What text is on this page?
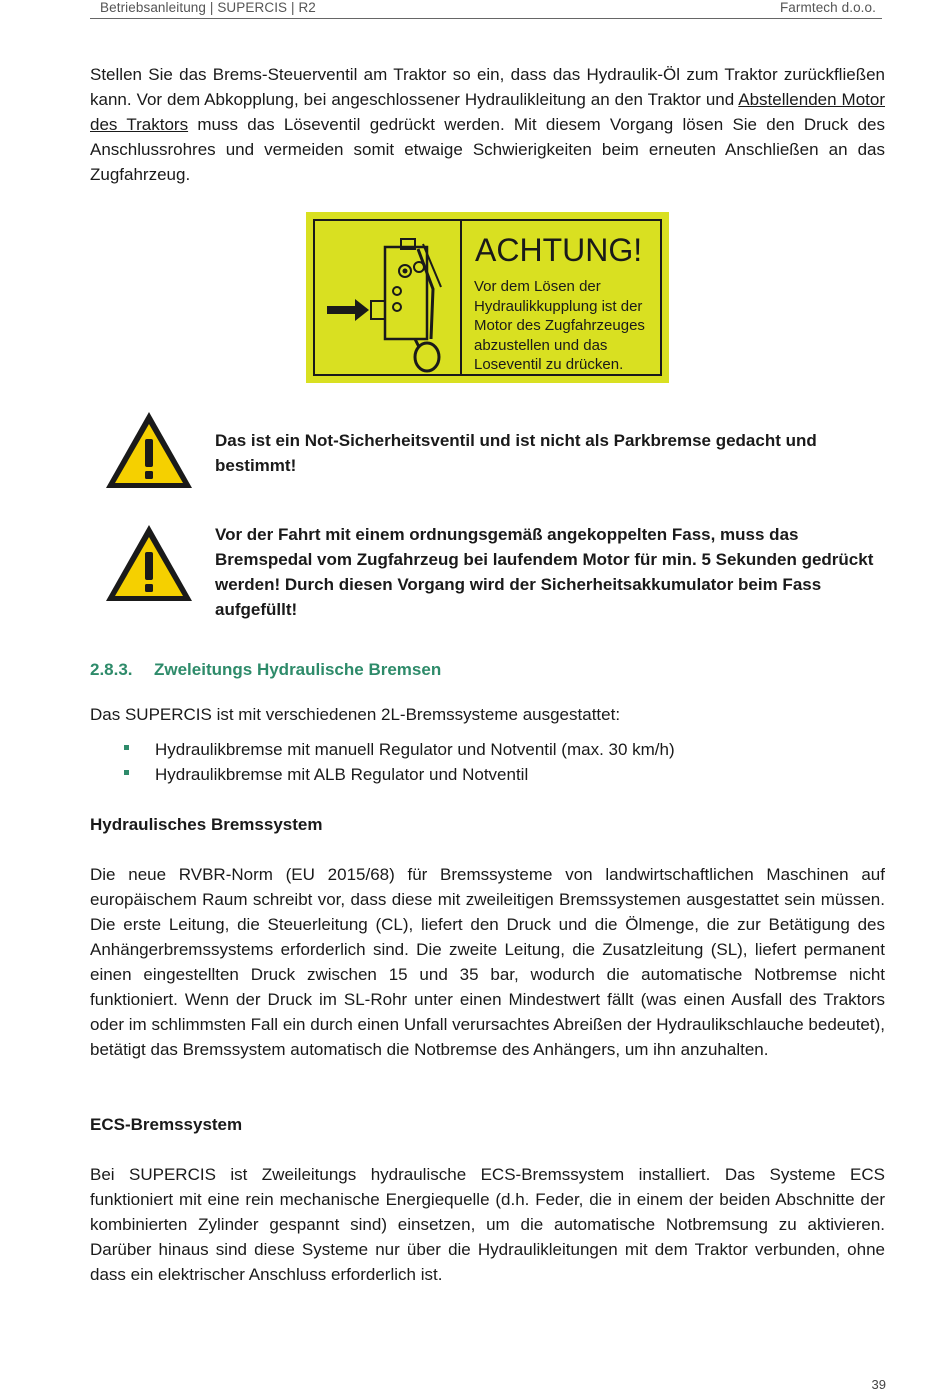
Betriebsanleitung | SUPERCIS | R2	Farmtech d.o.o.

Stellen Sie das Brems-Steuerventil am Traktor so ein, dass das Hydraulik-Öl zum Traktor zurückfließen kann. Vor dem Abkopplung, bei angeschlossener Hydraulikleitung an den Traktor und Abstellenden Motor des Traktors muss das Löseventil gedrückt werden. Mit diesem Vorgang lösen Sie den Druck des Anschlussrohres und vermeiden somit etwaige Schwierigkeiten beim erneuten Anschließen an das Zugfahrzeug.

ACHTUNG!
Vor dem Lösen der Hydraulikkupplung ist der Motor des Zugfahrzeuges abzustellen und das Loseventil zu drücken.

Das ist ein Not-Sicherheitsventil und ist nicht als Parkbremse gedacht und bestimmt!

Vor der Fahrt mit einem ordnungsgemäß angekoppelten Fass, muss das Bremspedal vom Zugfahrzeug bei laufendem Motor für min. 5 Sekunden gedrückt werden! Durch diesen Vorgang wird der Sicherheitsakkumulator beim Fass aufgefüllt!

2.8.3. Zweleitungs Hydraulische Bremsen

Das SUPERCIS ist mit verschiedenen 2L-Bremssysteme ausgestattet:

Hydraulikbremse mit manuell Regulator und Notventil (max. 30 km/h)
Hydraulikbremse mit ALB Regulator und Notventil
Hydraulisches Bremssystem

Die neue RVBR-Norm (EU 2015/68) für Bremssysteme von landwirtschaftlichen Maschinen auf europäischem Raum schreibt vor, dass diese mit zweileitigen Bremssystemen ausgestattet sein müssen. Die erste Leitung, die Steuerleitung (CL), liefert den Druck und die Ölmenge, die zur Betätigung des Anhängerbremssystems erforderlich sind. Die zweite Leitung, die Zusatzleitung (SL), liefert permanent einen eingestellten Druck zwischen 15 und 35 bar, wodurch die automatische Notbremse nicht funktioniert. Wenn der Druck im SL-Rohr unter einen Mindestwert fällt (was einen Ausfall des Traktors oder im schlimmsten Fall ein durch einen Unfall verursachtes Abreißen der Hydraulikschlauche bedeutet), betätigt das Bremssystem automatisch die Notbremse des Anhängers, um ihn anzuhalten.

ECS-Bremssystem

Bei SUPERCIS ist Zweileitungs hydraulische ECS-Bremssystem installiert. Das Systeme ECS funktioniert mit eine rein mechanische Energiequelle (d.h. Feder, die in einem der beiden Abschnitte der kombinierten Zylinder gespannt sind) einsetzen, um die automatische Notbremsung zu aktivieren. Darüber hinaus sind diese Systeme nur über die Hydraulikleitungen mit dem Traktor verbunden, ohne dass ein elektrischer Anschluss erforderlich ist.

39
